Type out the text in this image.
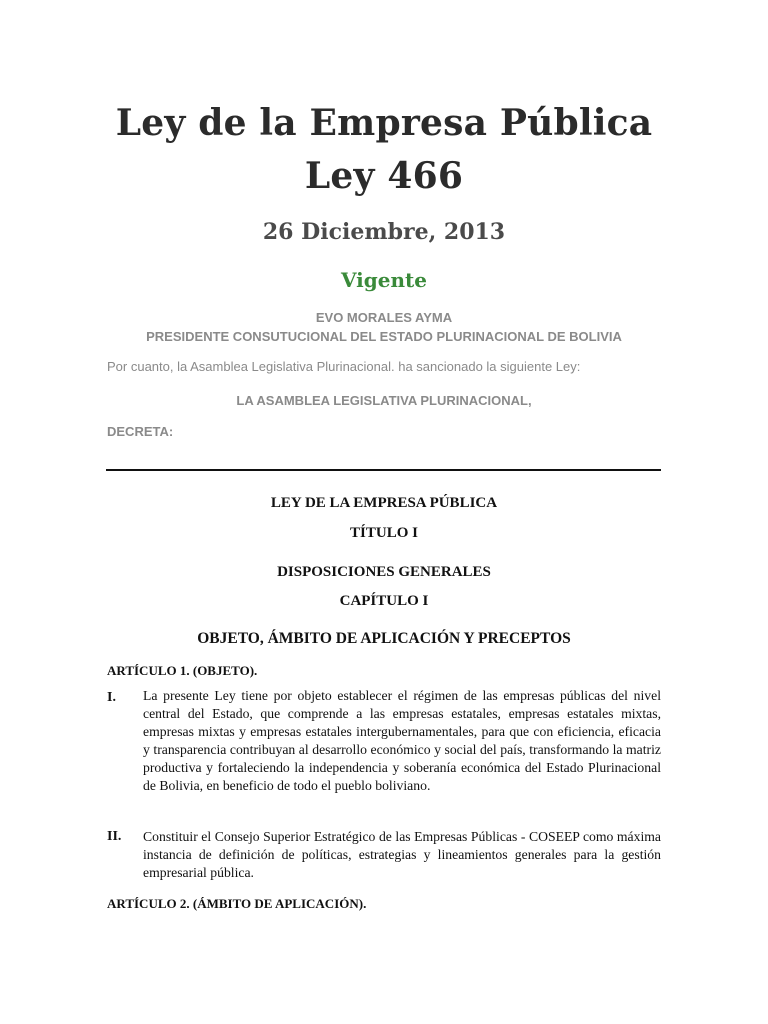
Ley de la Empresa Pública
Ley 466
26 Diciembre, 2013
Vigente
EVO MORALES AYMA
PRESIDENTE CONSUTUCIONAL DEL ESTADO PLURINACIONAL DE BOLIVIA
Por cuanto, la Asamblea Legislativa Plurinacional. ha sancionado la siguiente Ley:
LA ASAMBLEA LEGISLATIVA PLURINACIONAL,
DECRETA:
LEY DE LA EMPRESA PÚBLICA
TÍTULO I
DISPOSICIONES GENERALES
CAPÍTULO I
OBJETO, ÁMBITO DE APLICACIÓN Y PRECEPTOS
ARTÍCULO 1. (OBJETO).
I. La presente Ley tiene por objeto establecer el régimen de las empresas públicas del nivel central del Estado, que comprende a las empresas estatales, empresas estatales mixtas, empresas mixtas y empresas estatales intergubernamentales, para que con eficiencia, eficacia y transparencia contribuyan al desarrollo económico y social del país, transformando la matriz productiva y fortaleciendo la independencia y soberanía económica del Estado Plurinacional de Bolivia, en beneficio de todo el pueblo boliviano.
II. Constituir el Consejo Superior Estratégico de las Empresas Públicas - COSEEP como máxima instancia de definición de políticas, estrategias y lineamientos generales para la gestión empresarial pública.
ARTÍCULO 2. (ÁMBITO DE APLICACIÓN).
